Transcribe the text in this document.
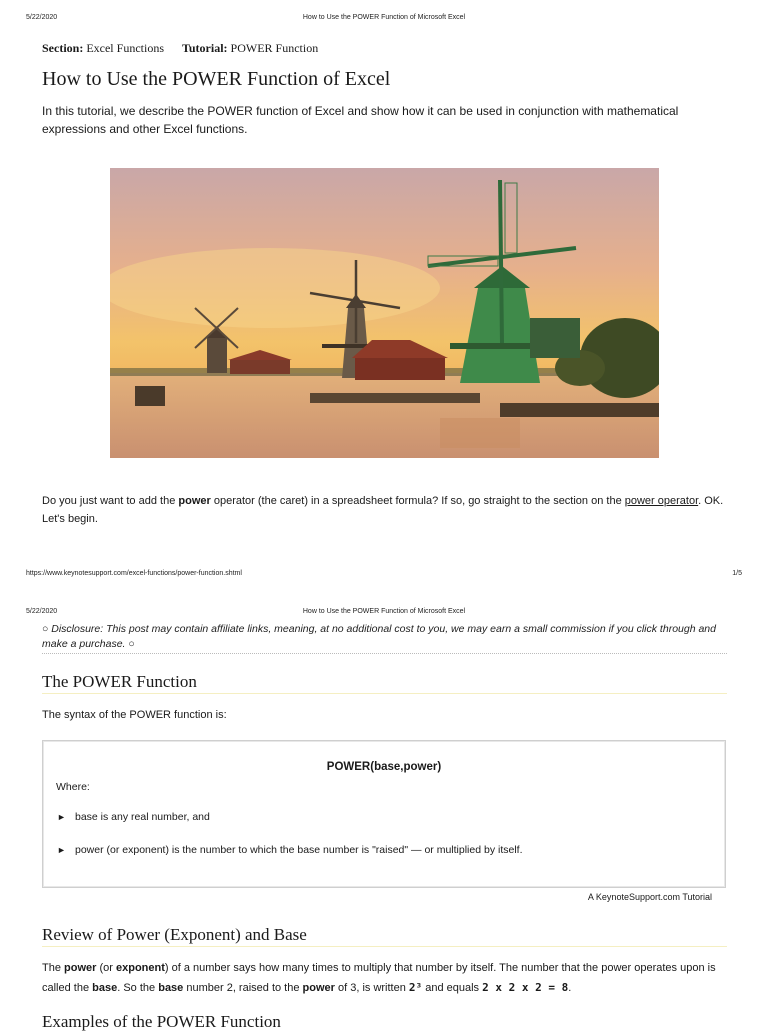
5/22/2020	How to Use the POWER Function of Microsoft Excel
Section: Excel Functions Tutorial: POWER Function
How to Use the POWER Function of Excel
In this tutorial, we describe the POWER function of Excel and show how it can be used in conjunction with mathematical expressions and other Excel functions.
Do you just want to add the power operator (the caret) in a spreadsheet formula? If so, go straight to the section on the power operator. OK. Let's begin.
https://www.keynotesupport.com/excel-functions/power-function.shtml	1/5
5/22/2020	How to Use the POWER Function of Microsoft Excel
○ Disclosure: This post may contain affiliate links, meaning, at no additional cost to you, we may earn a small commission if you click through and make a purchase. ○
The POWER Function
The syntax of the POWER function is:
POWER(base,power)
Where:
► base is any real number, and
► power (or exponent) is the number to which the base number is "raised" — or multiplied by itself.
A KeynoteSupport.com Tutorial
Review of Power (Exponent) and Base
The power (or exponent) of a number says how many times to multiply that number by itself. The number that the power operates upon is called the base. So the base number 2, raised to the power of 3, is written 2³ and equals 2 x 2 x 2 = 8.
Examples of the POWER Function
